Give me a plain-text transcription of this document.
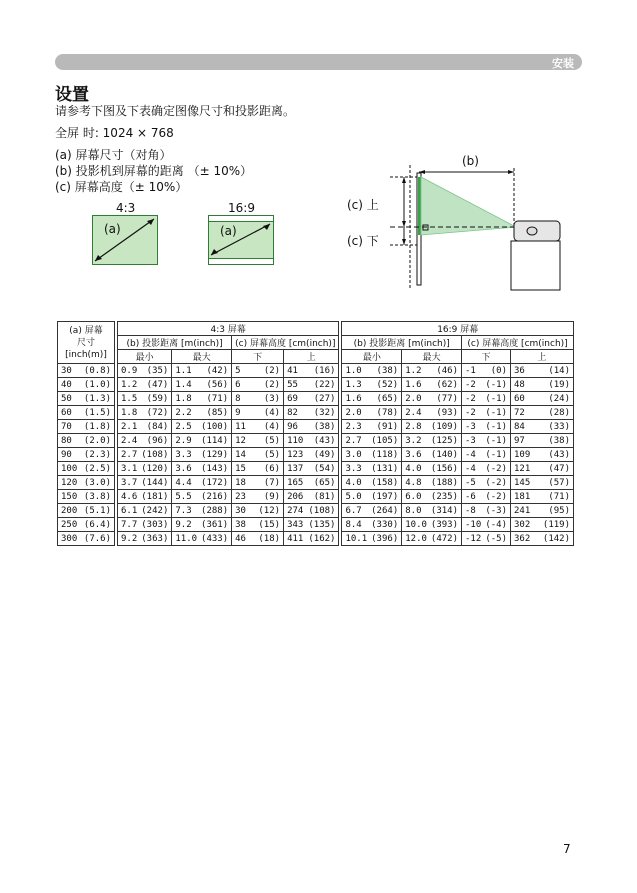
安装
设置
请参考下图及下表确定图像尺寸和投影距离。
全屏 时: 1024 × 768
(a) 屏幕尺寸（对角）
(b) 投影机到屏幕的距离 （± 10%）
(c) 屏幕高度（± 10%）
4:3
(a)
16:9
(a)
(b)
(c) 上
(c) 下
(a) 屏幕
尺寸
[inch(m)]		4:3 屏幕					16:9 屏幕			
		(b) 投影距离 [m(inch)]		(c) 屏幕高度 [cm(inch)]			(b) 投影距离 [m(inch)]		(c) 屏幕高度 [cm(inch)]	
		最小	最大	下	上		最小	最大	下	上

30 (0.8)		0.9 (35)	1.1 (42)	5 (2)	41 (16)		1.0 (38)	1.2 (46)	-1 (0)	36 (14)

40 (1.0)		1.2 (47)	1.4 (56)	6 (2)	55 (22)		1.3 (52)	1.6 (62)	-2 (-1)	48 (19)

50 (1.3)		1.5 (59)	1.8 (71)	8 (3)	69 (27)		1.6 (65)	2.0 (77)	-2 (-1)	60 (24)

60 (1.5)		1.8 (72)	2.2 (85)	9 (4)	82 (32)		2.0 (78)	2.4 (93)	-2 (-1)	72 (28)

70 (1.8)		2.1 (84)	2.5 (100)	11 (4)	96 (38)		2.3 (91)	2.8 (109)	-3 (-1)	84 (33)

80 (2.0)		2.4 (96)	2.9 (114)	12 (5)	110 (43)		2.7 (105)	3.2 (125)	-3 (-1)	97 (38)

90 (2.3)		2.7 (108)	3.3 (129)	14 (5)	123 (49)		3.0 (118)	3.6 (140)	-4 (-1)	109 (43)

100 (2.5)		3.1 (120)	3.6 (143)	15 (6)	137 (54)		3.3 (131)	4.0 (156)	-4 (-2)	121 (47)

120 (3.0)		3.7 (144)	4.4 (172)	18 (7)	165 (65)		4.0 (158)	4.8 (188)	-5 (-2)	145 (57)

150 (3.8)		4.6 (181)	5.5 (216)	23 (9)	206 (81)		5.0 (197)	6.0 (235)	-6 (-2)	181 (71)

200 (5.1)		6.1 (242)	7.3 (288)	30 (12)	274 (108)		6.7 (264)	8.0 (314)	-8 (-3)	241 (95)

250 (6.4)		7.7 (303)	9.2 (361)	38 (15)	343 (135)		8.4 (330)	10.0 (393)	-10 (-4)	302 (119)

300 (7.6)		9.2 (363)	11.0 (433)	46 (18)	411 (162)		10.1 (396)	12.0 (472)	-12 (-5)	362 (142)
7
